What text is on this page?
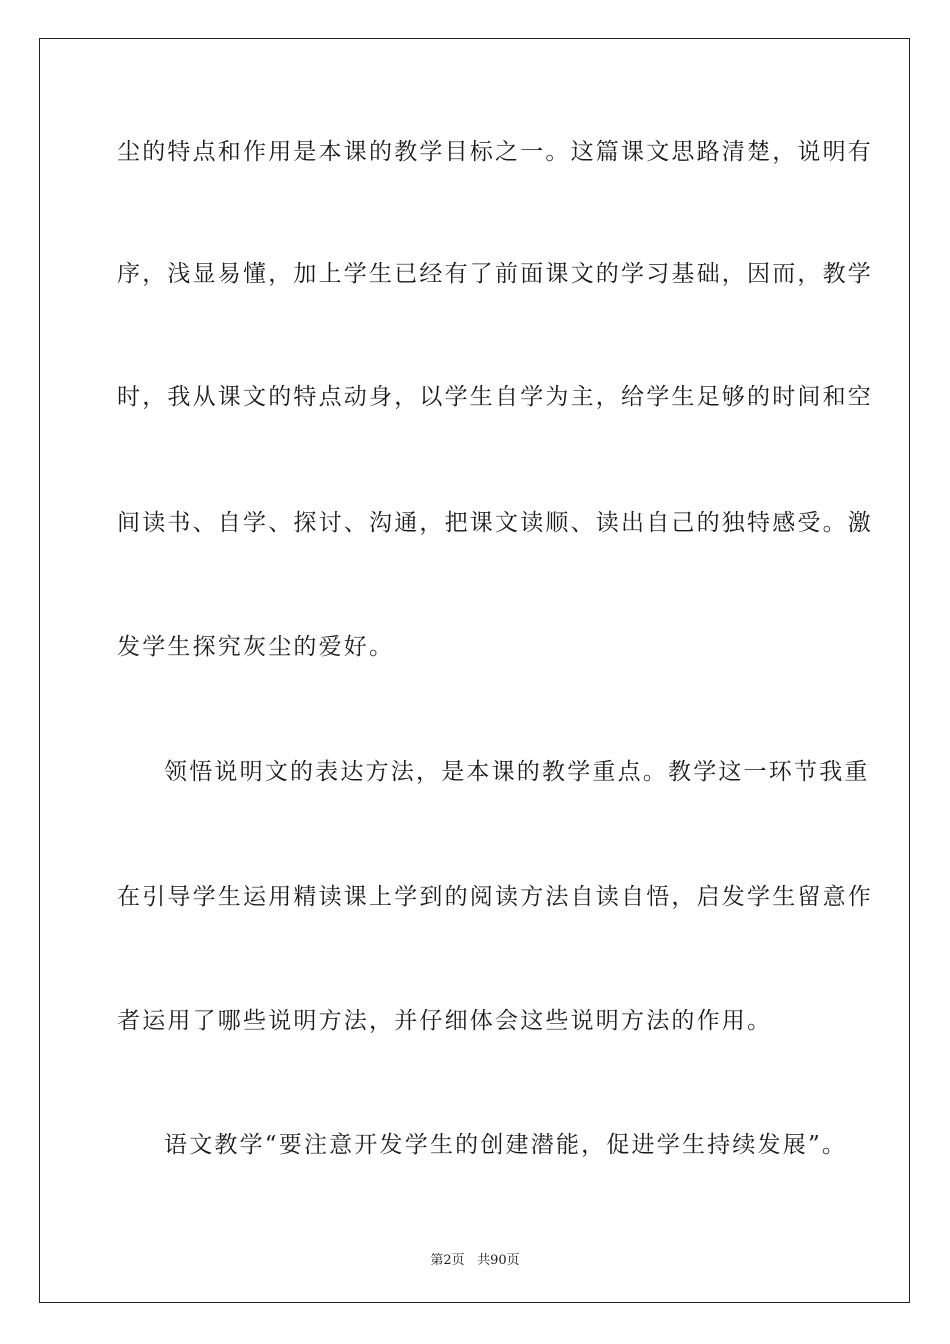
尘的特点和作用是本课的教学目标之一。这篇课文思路清楚，说明有
序，浅显易懂，加上学生已经有了前面课文的学习基础，因而，教学
时，我从课文的特点动身，以学生自学为主，给学生足够的时间和空
间读书、自学、探讨、沟通，把课文读顺、读出自己的独特感受。激
发学生探究灰尘的爱好。
领悟说明文的表达方法，是本课的教学重点。教学这一环节我重
在引导学生运用精读课上学到的阅读方法自读自悟，启发学生留意作
者运用了哪些说明方法，并仔细体会这些说明方法的作用。
语文教学“要注意开发学生的创建潜能，促进学生持续发展”。
第2页 共90页
